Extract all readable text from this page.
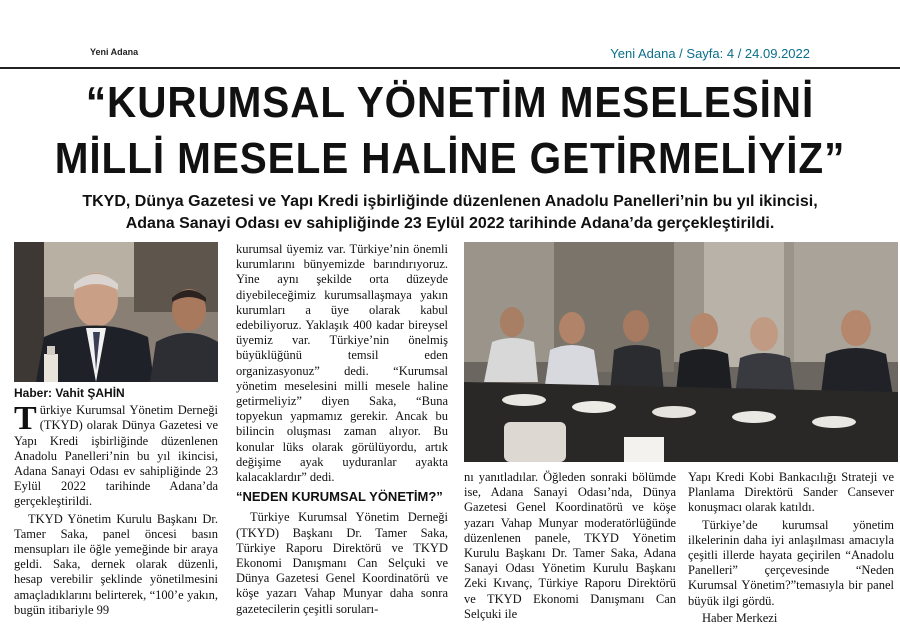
Yeni Adana	Yeni Adana / Sayfa: 4 / 24.09.2022
“KURUMSAL YÖNETİM MESELESİNİ
MİLLİ MESELE HALİNE GETİRMELİYİZ”
TKYD, Dünya Gazetesi ve Yapı Kredi işbirliğinde düzenlenen Anadolu Panelleri’nin bu yıl ikincisi,
Adana Sanayi Odası ev sahipliğinde 23 Eylül 2022 tarihinde Adana’da gerçekleştirildi.
Haber: Vahit ŞAHİN

Türkiye Kurumsal Yönetim Derneği (TKYD) olarak Dünya Gazetesi ve Yapı Kredi işbirliğinde düzenlenen Anadolu Panelleri’nin bu yıl ikincisi, Adana Sanayi Odası ev sahipliğinde 23 Eylül 2022 tarihinde Adana’da gerçekleştirildi.

TKYD Yönetim Kurulu Başkanı Dr. Tamer Saka, panel öncesi basın mensupları ile öğle yemeğinde bir araya geldi. Saka, dernek olarak düzenli, hesap verebilir şeklinde yönetilmesini amaçladıklarını belirterek, “100’e yakın, bugün itibariyle 99

kurumsal üyemiz var. Türkiye’nin önemli kurumlarını bünyemizde barındırıyoruz. Yine aynı şekilde orta düzeyde diyebileceğimiz kurumsallaşmaya yakın kurumları a üye olarak kabul edebiliyoruz. Yaklaşık 400 kadar bireysel üyemiz var. Türkiye’nin önelmiş büyüklüğünü temsil eden organizasyonuz” dedi. “Kurumsal yönetim meselesini milli mesele haline getirmeliyiz” diyen Saka, “Buna topyekun yapmamız gerekir. Ancak bu bilincin oluşması zaman alıyor. Bu konular lüks olarak görülüyordu, artık değişime ayak uyduranlar ayakta kalacaklardır” dedi.

“NEDEN KURUMSAL YÖNETİM?”

Türkiye Kurumsal Yönetim Derneği (TKYD) Başkanı Dr. Tamer Saka, Türkiye Raporu Direktörü ve TKYD Ekonomi Danışmanı Can Selçuki ve Dünya Gazetesi Genel Koordinatörü ve köşe yazarı Vahap Munyar daha sonra gazetecilerin çeşitli soruları-

nı yanıtladılar. Öğleden sonraki bölümde ise, Adana Sanayi Odası’nda, Dünya Gazetesi Genel Koordinatörü ve köşe yazarı Vahap Munyar moderatörlüğünde düzenlenen panele, TKYD Yönetim Kurulu Başkanı Dr. Tamer Saka, Adana Sanayi Odası Yönetim Kurulu Başkanı Zeki Kıvanç, Türkiye Raporu Direktörü ve TKYD Ekonomi Danışmanı Can Selçuki ile

Yapı Kredi Kobi Bankacılığı Strateji ve Planlama Direktörü Sander Cansever konuşmacı olarak katıldı.

Türkiye’de kurumsal yönetim ilkelerinin daha iyi anlaşılması amacıyla çeşitli illerde hayata geçirilen “Anadolu Panelleri” çerçevesinde “Neden Kurumsal Yönetim?”temasıyla bir panel büyük ilgi gördü.

Haber Merkezi
